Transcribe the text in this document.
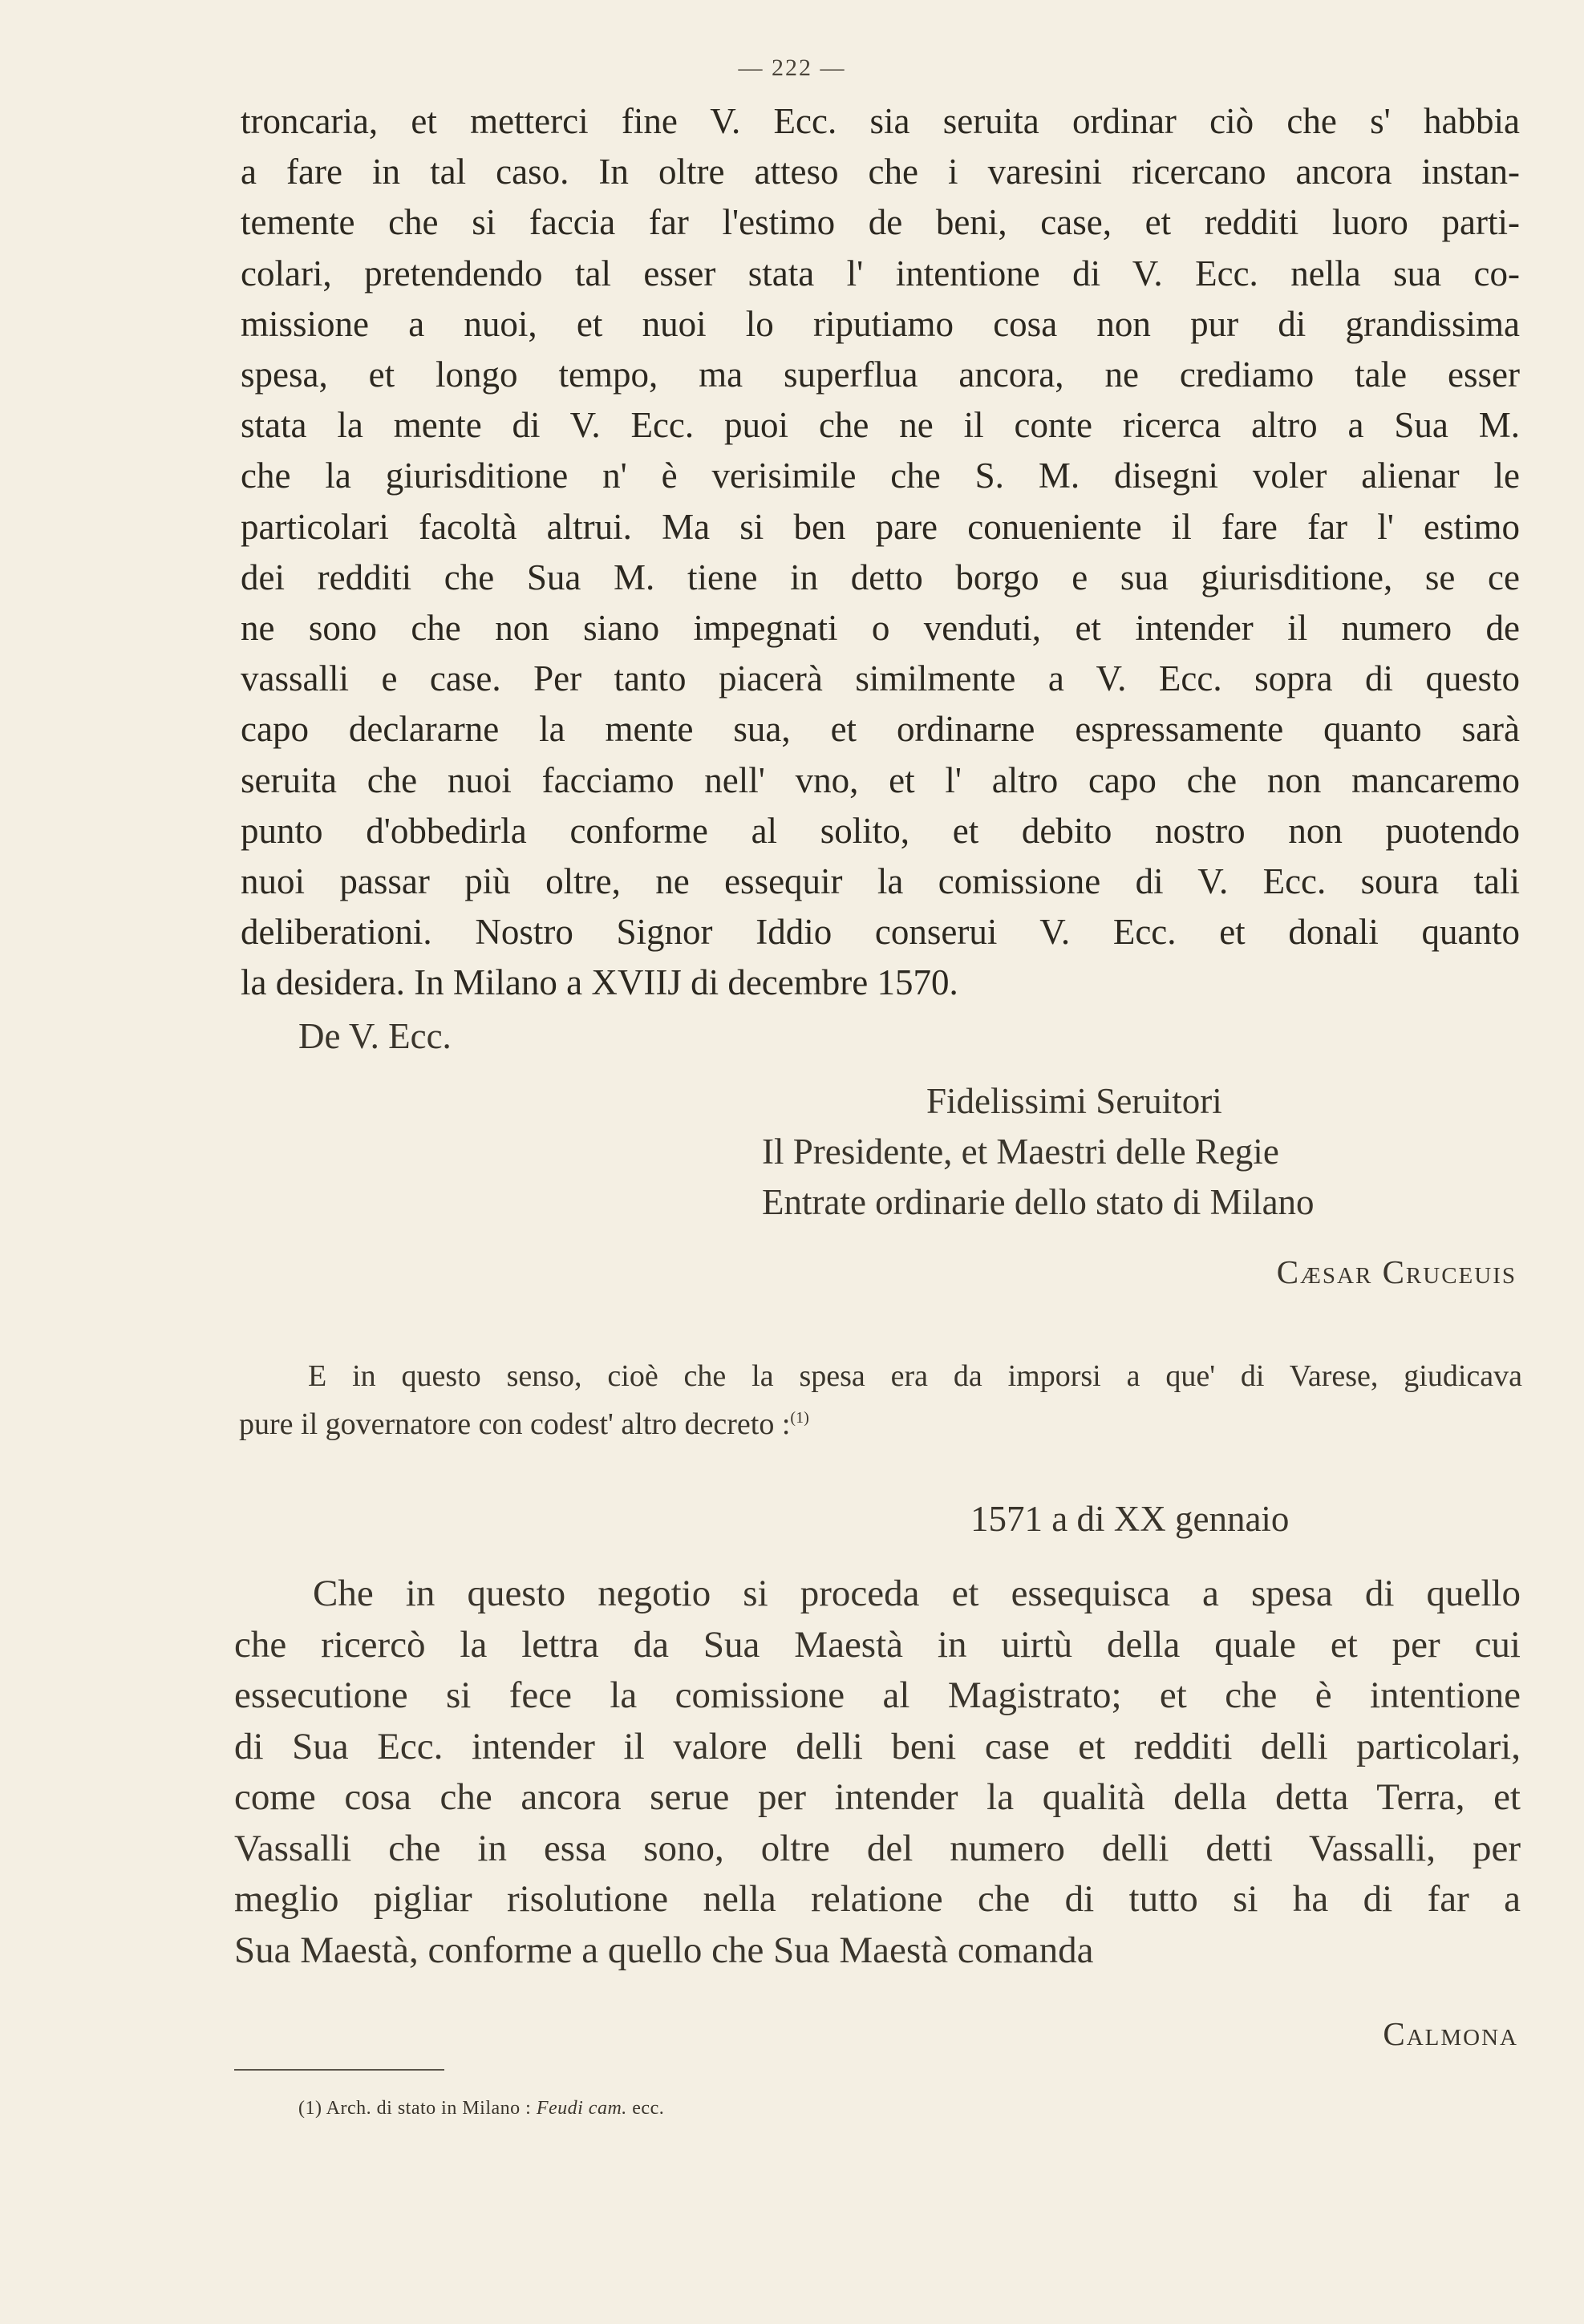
— 222 —
troncaria, et metterci fine V. Ecc. sia seruita ordinar ciò che s' habbia
a fare in tal caso. In oltre atteso che i varesini ricercano ancora instan-
temente che si faccia far l'estimo de beni, case, et redditi luoro parti-
colari, pretendendo tal esser stata l' intentione di V. Ecc. nella sua co-
missione a nuoi, et nuoi lo riputiamo cosa non pur di grandissima
spesa, et longo tempo, ma superflua ancora, ne crediamo tale esser
stata la mente di V. Ecc. puoi che ne il conte ricerca altro a Sua M.
che la giurisditione n' è verisimile che S. M. disegni voler alienar le
particolari facoltà altrui. Ma si ben pare conueniente il fare far l' estimo
dei redditi che Sua M. tiene in detto borgo e sua giurisditione, se ce
ne sono che non siano impegnati o venduti, et intender il numero de
vassalli e case. Per tanto piacerà similmente a V. Ecc. sopra di questo
capo declararne la mente sua, et ordinarne espressamente quanto sarà
seruita che nuoi facciamo nell' vno, et l' altro capo che non mancaremo
punto d'obbedirla conforme al solito, et debito nostro non puotendo
nuoi passar più oltre, ne essequir la comissione di V. Ecc. soura tali
deliberationi. Nostro Signor Iddio conserui V. Ecc. et donali quanto
la desidera. In Milano a XVIIJ di decembre 1570.
De V. Ecc.
Fidelissimi Seruitori
Il Presidente, et Maestri delle Regie
Entrate ordinarie dello stato di Milano
Cæsar Cruceuis
E in questo senso, cioè che la spesa era da imporsi a que' di Varese, giudicava
pure il governatore con codest' altro decreto :$^{(1)}$
1571 a di XX gennaio
Che in questo negotio si proceda et essequisca a spesa di quello
che ricercò la lettra da Sua Maestà in uirtù della quale et per cui
essecutione si fece la comissione al Magistrato; et che è intentione
di Sua Ecc. intender il valore delli beni case et redditi delli particolari,
come cosa che ancora serue per intender la qualità della detta Terra, et
Vassalli che in essa sono, oltre del numero delli detti Vassalli, per
meglio pigliar risolutione nella relatione che di tutto si ha di far a
Sua Maestà, conforme a quello che Sua Maestà comanda
Calmona
(1) Arch. di stato in Milano : Feudi cam. ecc.
